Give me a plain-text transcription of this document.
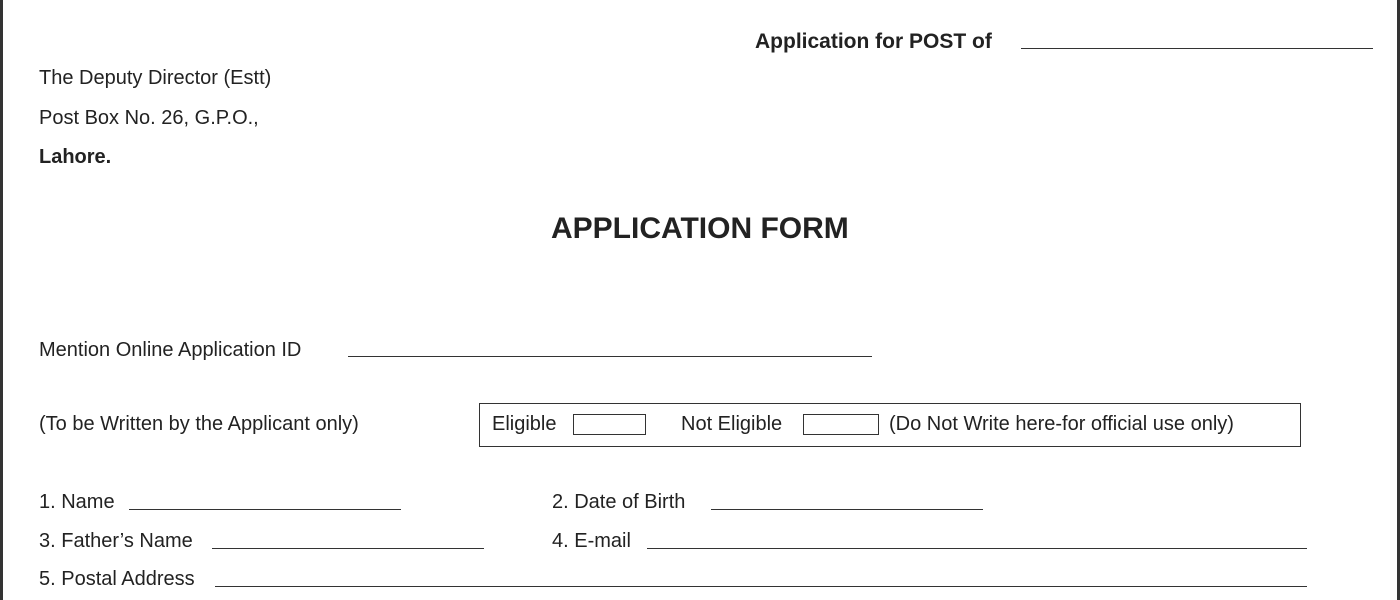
Application for POST of
The Deputy Director (Estt)
Post Box No. 26, G.P.O.,
Lahore.
APPLICATION FORM
Mention Online Application ID
(To be Written by the Applicant only)	Eligible	Not Eligible	(Do Not Write here-for official use only)
1. Name	2. Date of Birth
3. Father’s Name	4. E-mail
5. Postal Address
